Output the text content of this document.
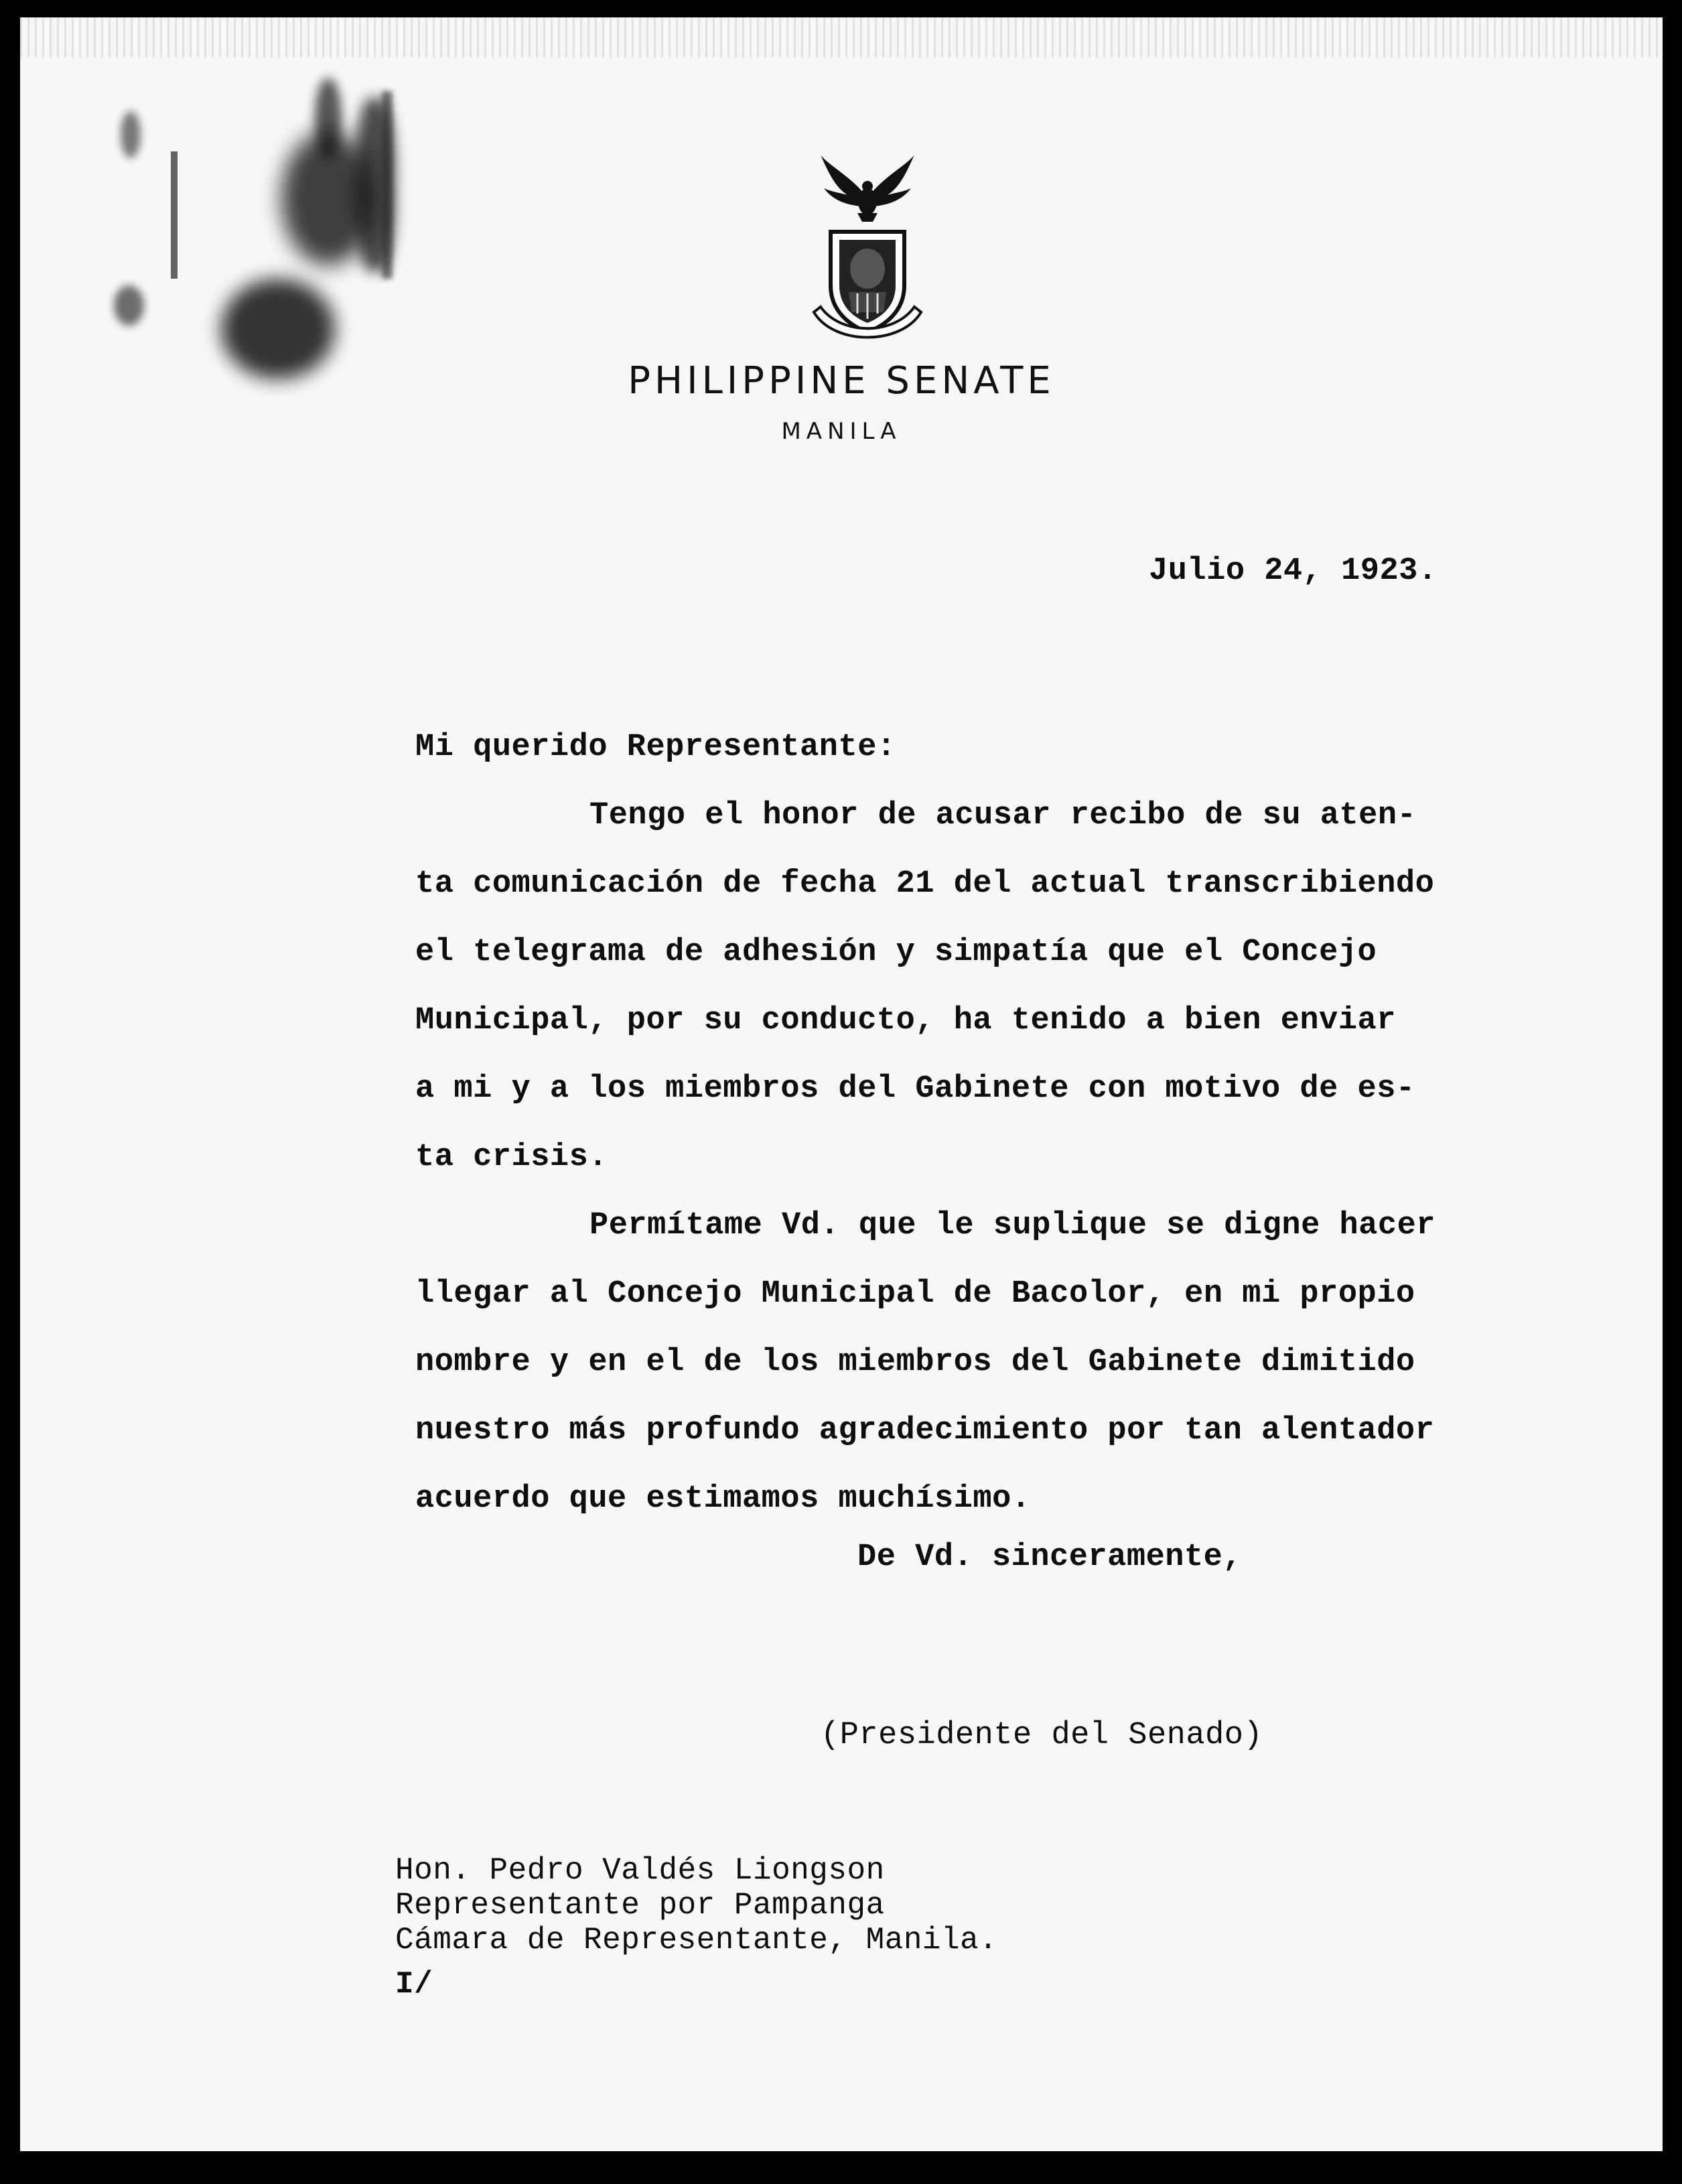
PHILIPPINE SENATE
MANILA
Julio 24, 1923.
Mi querido Representante:
Tengo el honor de acusar recibo de su aten-
ta comunicación de fecha 21 del actual transcribiendo
el telegrama de adhesión y simpatía que el Concejo
Municipal, por su conducto, ha tenido a bien enviar
a mi y a los miembros del Gabinete con motivo de es-
ta crisis.
Permítame Vd. que le suplique se digne hacer
llegar al Concejo Municipal de Bacolor, en mi propio
nombre y en el de los miembros del Gabinete dimitido
nuestro más profundo agradecimiento por tan alentador
acuerdo que estimamos muchísimo.
De Vd. sinceramente,
(Presidente del Senado)
Hon. Pedro Valdés Liongson
Representante por Pampanga
Cámara de Representante, Manila.
I/
